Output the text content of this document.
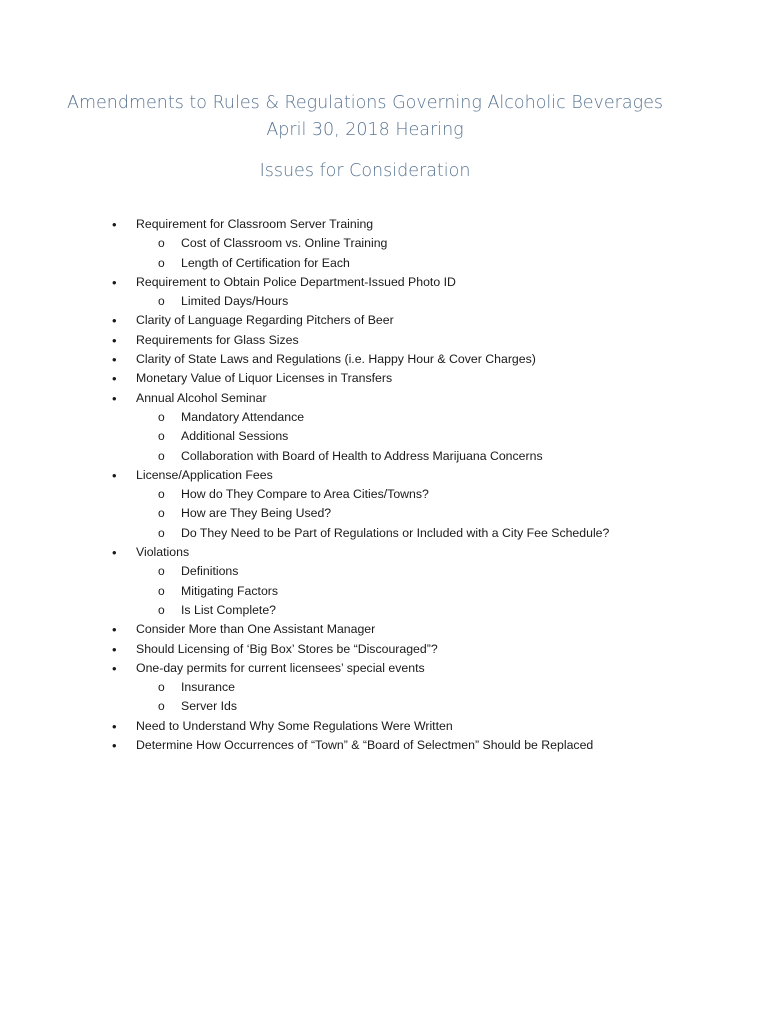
Amendments to Rules & Regulations Governing Alcoholic Beverages
April 30, 2018 Hearing
Issues for Consideration
• Requirement for Classroom Server Training
o Cost of Classroom vs. Online Training
o Length of Certification for Each
• Requirement to Obtain Police Department-Issued Photo ID
o Limited Days/Hours
• Clarity of Language Regarding Pitchers of Beer
• Requirements for Glass Sizes
• Clarity of State Laws and Regulations (i.e. Happy Hour & Cover Charges)
• Monetary Value of Liquor Licenses in Transfers
• Annual Alcohol Seminar
o Mandatory Attendance
o Additional Sessions
o Collaboration with Board of Health to Address Marijuana Concerns
• License/Application Fees
o How do They Compare to Area Cities/Towns?
o How are They Being Used?
o Do They Need to be Part of Regulations or Included with a City Fee Schedule?
• Violations
o Definitions
o Mitigating Factors
o Is List Complete?
• Consider More than One Assistant Manager
• Should Licensing of ‘Big Box’ Stores be “Discouraged”?
• One-day permits for current licensees’ special events
o Insurance
o Server Ids
• Need to Understand Why Some Regulations Were Written
• Determine How Occurrences of “Town” & “Board of Selectmen” Should be Replaced
